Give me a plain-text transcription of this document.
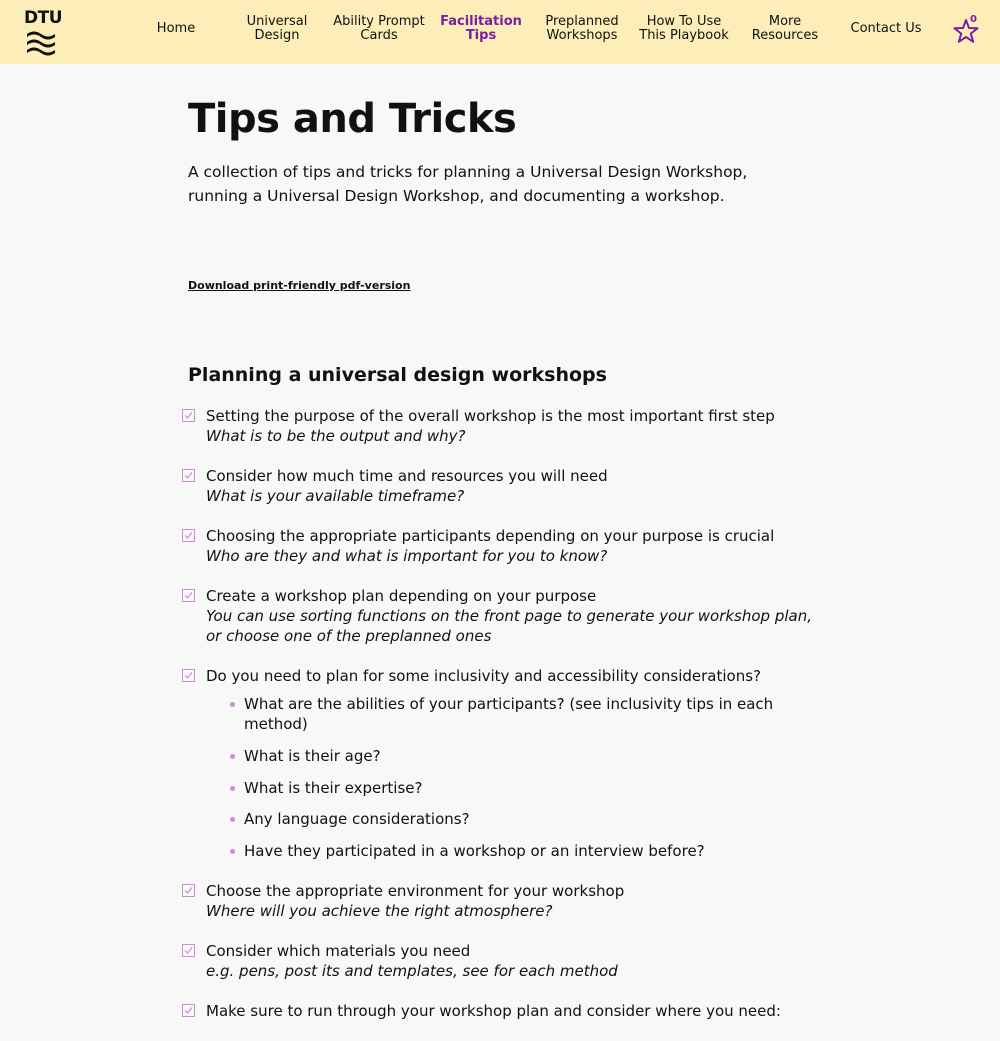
DTU
Home	Universal Design
Ability Prompt Cards
Facilitation Tips
Preplanned Workshops
How To Use This Playbook
More Resources	Contact Us
0
Tips and Tricks

A collection of tips and tricks for planning a Universal Design Workshop, running a Universal Design Workshop, and documenting a workshop.

Download print-friendly pdf-version
Planning a universal design workshops
Setting the purpose of the overall workshop is the most important first step
What is to be the output and why?
Consider how much time and resources you will need
What is your available timeframe?
Choosing the appropriate participants depending on your purpose is crucial
Who are they and what is important for you to know?
Create a workshop plan depending on your purpose
You can use sorting functions on the front page to generate your workshop plan, or choose one of the preplanned ones
Do you need to plan for some inclusivity and accessibility considerations?
What are the abilities of your participants? (see inclusivity tips in each method)
What is their age?
What is their expertise?
Any language considerations?
Have they participated in a workshop or an interview before?
Choose the appropriate environment for your workshop
Where will you achieve the right atmosphere?
Consider which materials you need
e.g. pens, post its and templates, see for each method
Make sure to run through your workshop plan and consider where you need:
